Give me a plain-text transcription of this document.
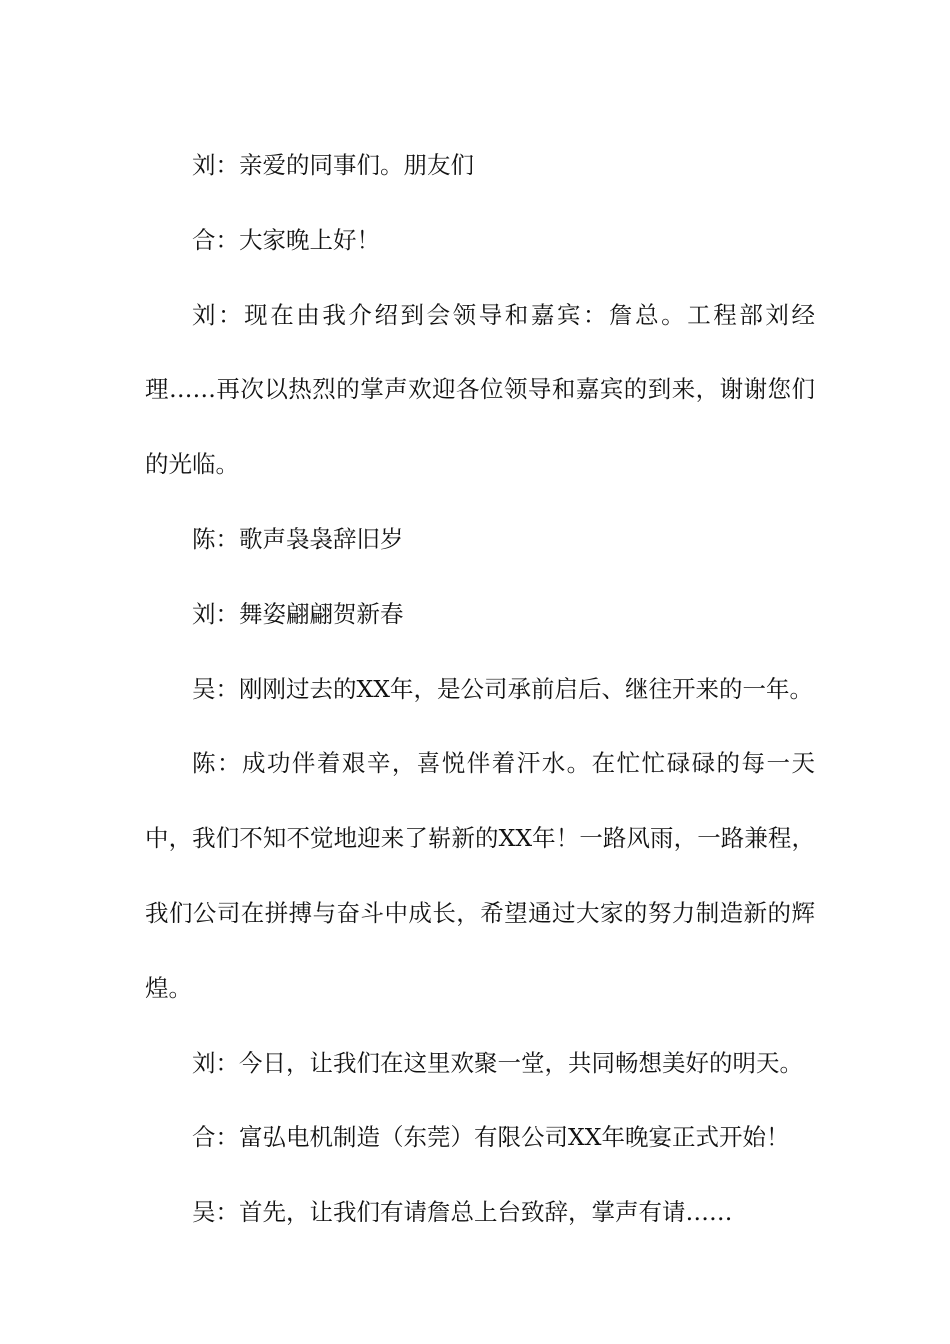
刘：亲爱的同事们。朋友们

合：大家晚上好！

刘：现在由我介绍到会领导和嘉宾：詹总。工程部刘经理……再次以热烈的掌声欢迎各位领导和嘉宾的到来，谢谢您们的光临。

陈：歌声袅袅辞旧岁

刘：舞姿翩翩贺新春

吴：刚刚过去的XX年，是公司承前启后、继往开来的一年。

陈：成功伴着艰辛，喜悦伴着汗水。在忙忙碌碌的每一天中，我们不知不觉地迎来了崭新的XX年！一路风雨，一路兼程，我们公司在拼搏与奋斗中成长，希望通过大家的努力制造新的辉煌。

刘：今日，让我们在这里欢聚一堂，共同畅想美好的明天。

合：富弘电机制造（东莞）有限公司XX年晚宴正式开始！

吴：首先，让我们有请詹总上台致辞，掌声有请……
